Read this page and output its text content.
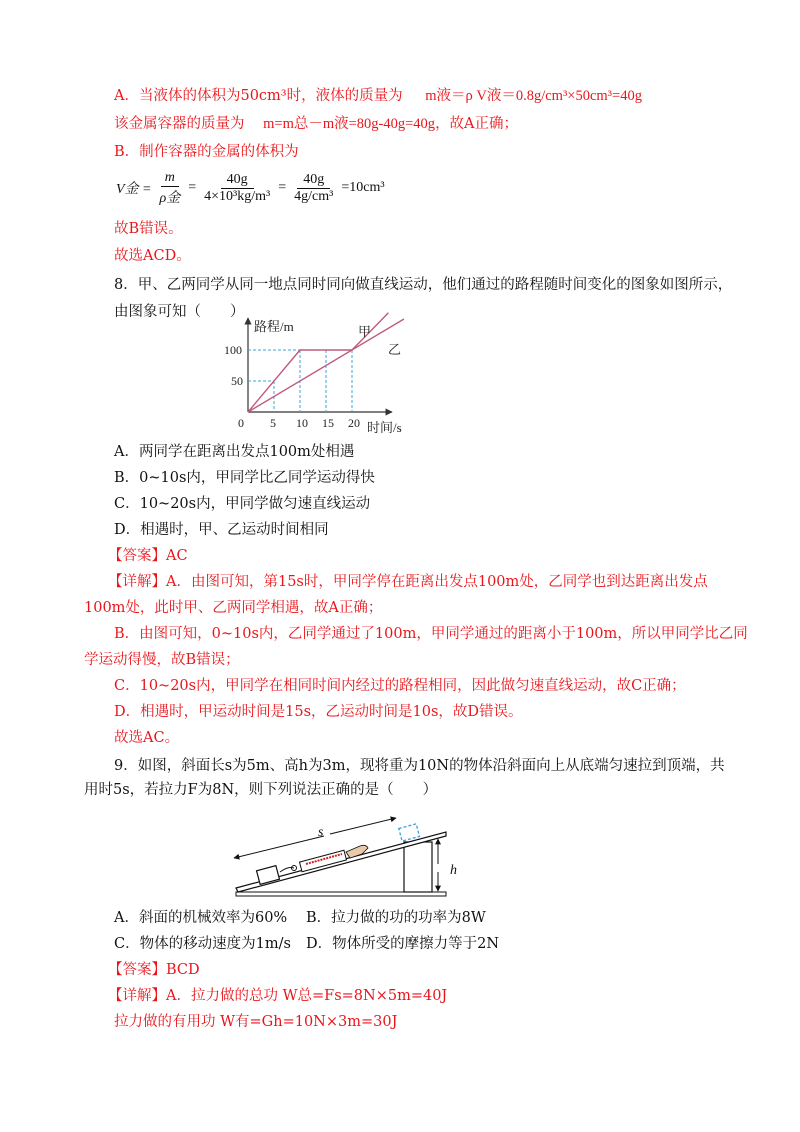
A．当液体的体积为50cm³时，液体的质量为 m液＝ρ V液＝0.8g/cm³×50cm³=40g
该金属容器的质量为 m=m总－m液=80g-40g=40g，故A正确；
B．制作容器的金属的体积为
V金 =
m
ρ金
= $\frac{40g}{\text{4×10³kg/m³}} = \frac{40g}{\text{4g/cm³}} =10cm^3$
故B错误。
故选ACD。
8．甲、乙两同学从同一地点同时同向做直线运动，他们通过的路程随时间变化的图象如图所示，
由图象可知（　　）
路程/m
时间/s
0 5 10 15 20
50
100
甲
乙
A．两同学在距离出发点100m处相遇
B．0~10s内，甲同学比乙同学运动得快
C．10~20s内，甲同学做匀速直线运动
D．相遇时，甲、乙运动时间相同
【答案】AC
【详解】A．由图可知，第15s时，甲同学停在距离出发点100m处，乙同学也到达距离出发点
100m处，此时甲、乙两同学相遇，故A正确；
B．由图可知，0~10s内，乙同学通过了100m，甲同学通过的距离小于100m，所以甲同学比乙同
学运动得慢，故B错误；
C．10~20s内，甲同学在相同时间内经过的路程相同，因此做匀速直线运动，故C正确；
D．相遇时，甲运动时间是15s，乙运动时间是10s，故D错误。
故选AC。
9．如图，斜面长s为5m、高h为3m，现将重为10N的物体沿斜面向上从底端匀速拉到顶端，共
用时5s，若拉力F为8N，则下列说法正确的是（　　）
s
h
A．斜面的机械效率为60% B．拉力做的功的功率为8W
C．物体的移动速度为1m/s D．物体所受的摩擦力等于2N
【答案】BCD
【详解】A．拉力做的总功 W总=Fs=8N×5m=40J
拉力做的有用功 W有=Gh=10N×3m=30J
